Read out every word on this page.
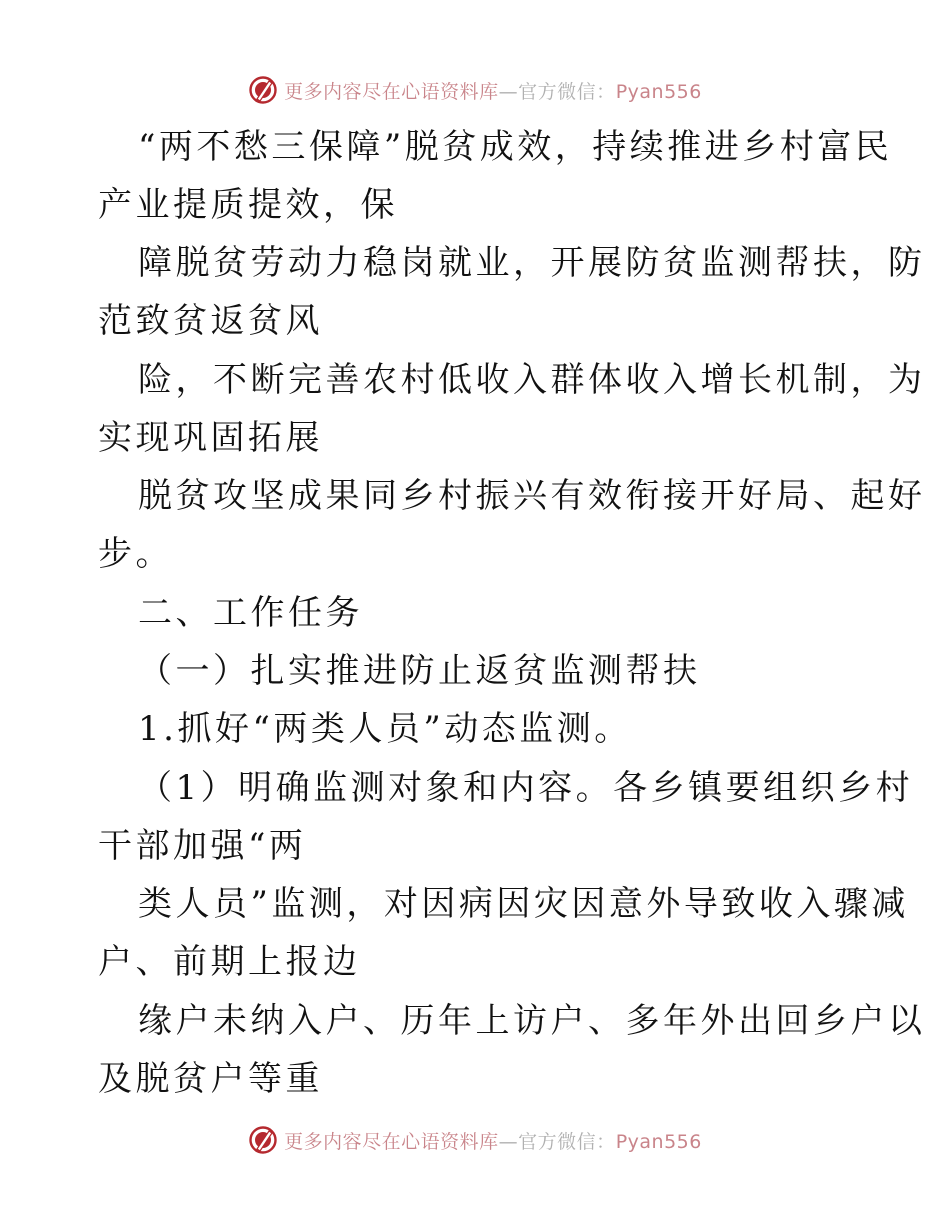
更多内容尽在心语资料库—官方微信：Pyan556
“两不愁三保障”脱贫成效，持续推进乡村富民
产业提质提效，保
障脱贫劳动力稳岗就业，开展防贫监测帮扶，防
范致贫返贫风
险，不断完善农村低收入群体收入增长机制，为
实现巩固拓展
脱贫攻坚成果同乡村振兴有效衔接开好局、起好
步。
二、工作任务
（一）扎实推进防止返贫监测帮扶
1.抓好“两类人员”动态监测。
（1）明确监测对象和内容。各乡镇要组织乡村
干部加强“两
类人员”监测，对因病因灾因意外导致收入骤减
户、前期上报边
缘户未纳入户、历年上访户、多年外出回乡户以
及脱贫户等重
更多内容尽在心语资料库—官方微信：Pyan556
